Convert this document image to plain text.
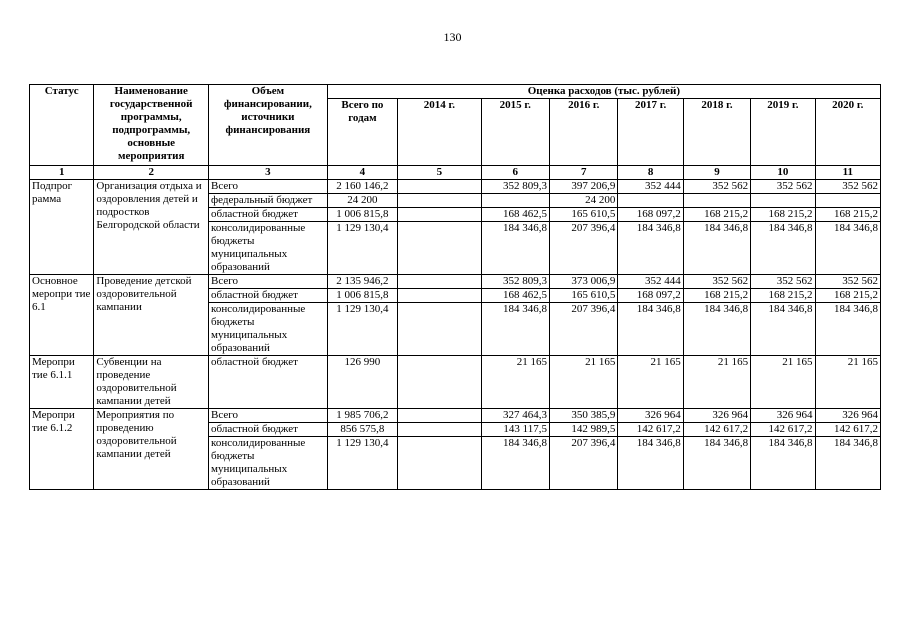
130
Статус	Наименование государственной программы, подпрограммы, основные мероприятия	Объем финансировании, источники финансирования	Оценка расходов (тыс. рублей)							
			Всего по годам	2014 г.	2015 г.	2016 г.	2017 г.	2018 г.	2019 г.	2020 г.
1	2	3	4	5	6	7	8	9	10	11
Подпрог рамма	Организация отдыха и оздоровления детей и подростков Белгородской области	Всего	2 160 146,2		352 809,3	397 206,9	352 444	352 562	352 562	352 562
		федеральный бюджет	24 200			24 200				
		областной бюджет	1 006 815,8		168 462,5	165 610,5	168 097,2	168 215,2	168 215,2	168 215,2
		консолидированные бюджеты муниципальных образований	1 129 130,4		184 346,8	207 396,4	184 346,8	184 346,8	184 346,8	184 346,8
Основное меропри тие 6.1	Проведение детской оздоровительной кампании	Всего	2 135 946,2		352 809,3	373 006,9	352 444	352 562	352 562	352 562
		областной бюджет	1 006 815,8		168 462,5	165 610,5	168 097,2	168 215,2	168 215,2	168 215,2
		консолидированные бюджеты муниципальных образований	1 129 130,4		184 346,8	207 396,4	184 346,8	184 346,8	184 346,8	184 346,8
Меропри тие 6.1.1	Субвенции на проведение оздоровительной кампании детей	областной бюджет	126 990		21 165	21 165	21 165	21 165	21 165	21 165
Меропри тие 6.1.2	Мероприятия по проведению оздоровительной кампании детей	Всего	1 985 706,2		327 464,3	350 385,9	326 964	326 964	326 964	326 964
		областной бюджет	856 575,8		143 117,5	142 989,5	142 617,2	142 617,2	142 617,2	142 617,2
		консолидированные бюджеты муниципальных образований	1 129 130,4		184 346,8	207 396,4	184 346,8	184 346,8	184 346,8	184 346,8
